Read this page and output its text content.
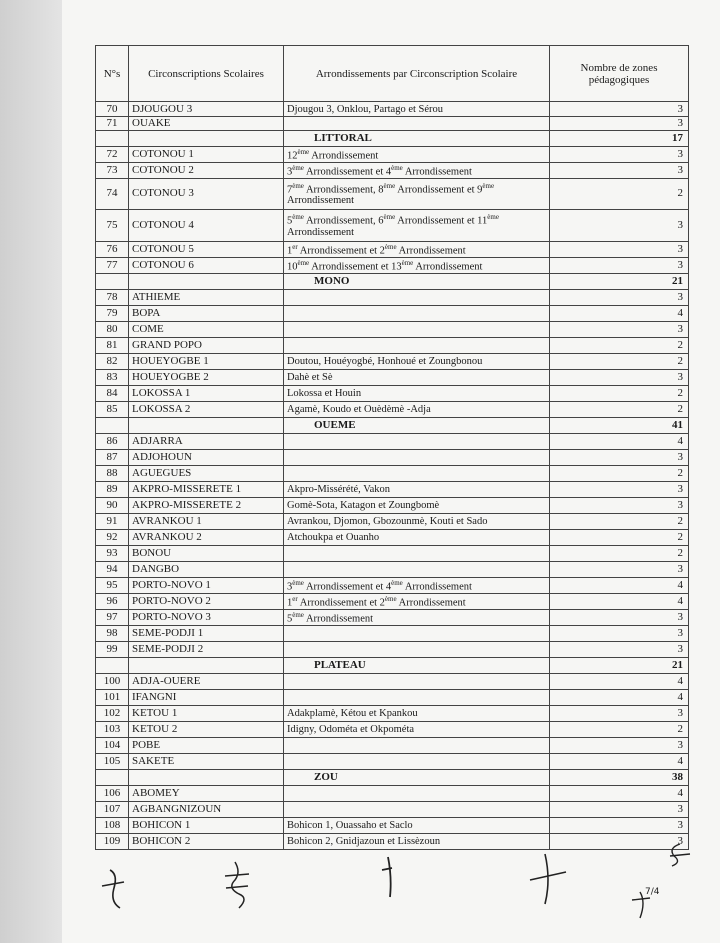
N°s	Circonscriptions Scolaires	Arrondissements par Circonscription Scolaire	Nombre de zones pédagogiques
70	DJOUGOU 3	Djougou 3, Onklou, Partago et Sérou	3
71	OUAKE		3
		LITTORAL	17
72	COTONOU 1	12ème Arrondissement	3
73	COTONOU 2	3ème Arrondissement et 4ème Arrondissement	3
74	COTONOU 3	7ème Arrondissement, 8ème Arrondissement et 9ème Arrondissement	2
75	COTONOU 4	5ème Arrondissement, 6ème Arrondissement et 11ème Arrondissement	3
76	COTONOU 5	1er Arrondissement et 2ème Arrondissement	3
77	COTONOU 6	10ème Arrondissement et 13ème Arrondissement	3
		MONO	21
78	ATHIEME		3
79	BOPA		4
80	COME		3
81	GRAND POPO		2
82	HOUEYOGBE 1	Doutou, Houéyogbé, Honhoué et Zoungbonou	2
83	HOUEYOGBE 2	Dahè et Sè	3
84	LOKOSSA 1	Lokossa et Houin	2
85	LOKOSSA 2	Agamè, Koudo et Ouèdèmè -Adja	2
		OUEME	41
86	ADJARRA		4
87	ADJOHOUN		3
88	AGUEGUES		2
89	AKPRO-MISSERETE 1	Akpro-Missérété, Vakon	3
90	AKPRO-MISSERETE 2	Gomè-Sota, Katagon et Zoungbomè	3
91	AVRANKOU 1	Avrankou, Djomon, Gbozounmè, Kouti et Sado	2
92	AVRANKOU 2	Atchoukpa et Ouanho	2
93	BONOU		2
94	DANGBO		3
95	PORTO-NOVO 1	3ème Arrondissement et 4ème Arrondissement	4
96	PORTO-NOVO 2	1er Arrondissement et 2ème Arrondissement	4
97	PORTO-NOVO 3	5ème Arrondissement	3
98	SEME-PODJI 1		3
99	SEME-PODJI 2		3
		PLATEAU	21
100	ADJA-OUERE		4
101	IFANGNI		4
102	KETOU 1	Adakplamè, Kétou et Kpankou	3
103	KETOU 2	Idigny, Odométa et Okpométa	2
104	POBE		3
105	SAKETE		4
		ZOU	38
106	ABOMEY		4
107	AGBANGNIZOUN		3
108	BOHICON 1	Bohicon 1, Ouassaho et Saclo	3
109	BOHICON 2	Bohicon 2, Gnidjazoun et Lissèzoun	3
7/4
